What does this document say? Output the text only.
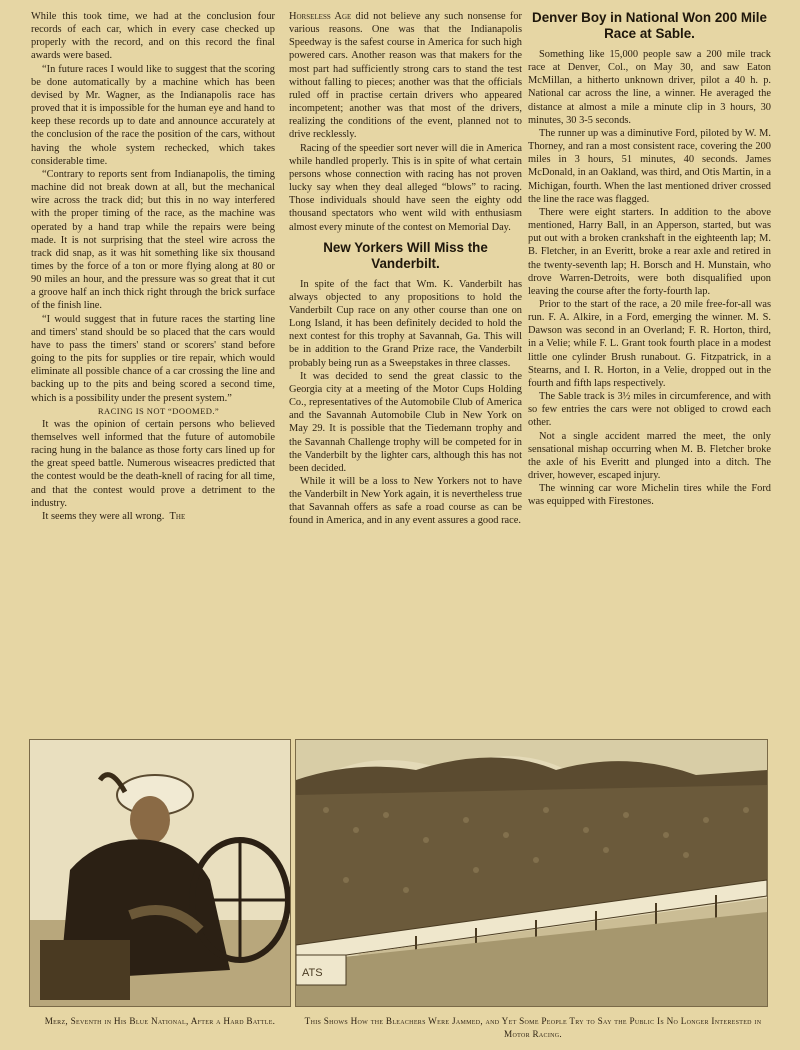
While this took time, we had at the conclusion four records of each car, which in every case checked up properly with the record, and on this record the final awards were based.

“In future races I would like to suggest that the scoring be done automatically by a machine which has been devised by Mr. Wagner, as the Indianapolis race has proved that it is impossible for the human eye and hand to keep these records up to date and announce accurately at the conclusion of the race the position of the cars, without having the whole system rechecked, which takes considerable time.

“Contrary to reports sent from Indianapolis, the timing machine did not break down at all, but the mechanical wire across the track did; but this in no way interfered with the proper timing of the race, as the machine was operated by a hand trap while the repairs were being made. It is not surprising that the steel wire across the track did snap, as it was hit something like six thousand times by the force of a ton or more flying along at 80 or 90 miles an hour, and the pressure was so great that it cut a groove half an inch thick right through the brick surface of the finish line.

“I would suggest that in future races the starting line and timers' stand should be so placed that the cars would have to pass the timers' stand or scorers' stand before going to the pits for supplies or tire repair, which would eliminate all possible chance of a car crossing the line and backing up to the pits and being scored a second time, which is a possibility under the present system.”

RACING IS NOT “DOOMED.”

It was the opinion of certain persons who believed themselves well informed that the future of automobile racing hung in the balance as those forty cars lined up for the great speed battle. Numerous wiseacres predicted that the contest would be the death-knell of racing for all time, and that the contest would prove a detriment to the industry.

It seems they were all wrong. The

Horseless Age did not believe any such nonsense for various reasons. One was that the Indianapolis Speedway is the safest course in America for such high powered cars. Another reason was that makers for the most part had sufficiently strong cars to stand the test without falling to pieces; another was that the officials ruled off in practise certain drivers who appeared incompetent; another was that most of the drivers, realizing the conditions of the event, planned not to drive recklessly.

Racing of the speedier sort never will die in America while handled properly. This is in spite of what certain persons whose connection with racing has not proven lucky say when they deal alleged “blows” to racing. Those individuals should have seen the eighty odd thousand spectators who went wild with enthusiasm almost every minute of the contest on Memorial Day.

New Yorkers Will Miss the Vanderbilt.

In spite of the fact that Wm. K. Vanderbilt has always objected to any propositions to hold the Vanderbilt Cup race on any other course than one on Long Island, it has been definitely decided to hold the next contest for this trophy at Savannah, Ga. This will be in addition to the Grand Prize race, the Vanderbilt probably being run as a Sweepstakes in three classes.

It was decided to send the great classic to the Georgia city at a meeting of the Motor Cups Holding Co., representatives of the Automobile Club of America and the Savannah Automobile Club in New York on May 29. It is possible that the Tiedemann trophy and the Savannah Challenge trophy will be competed for in the Vanderbilt by the lighter cars, although this has not been decided.

While it will be a loss to New Yorkers not to have the Vanderbilt in New York again, it is nevertheless true that Savannah offers as safe a road course as can be found in America, and in any event assures a good race.

Denver Boy in National Won 200 Mile Race at Sable.

Something like 15,000 people saw a 200 mile track race at Denver, Col., on May 30, and saw Eaton McMillan, a hitherto unknown driver, pilot a 40 h. p. National car across the line, a winner. He averaged the distance at almost a mile a minute clip in 3 hours, 30 minutes, 30 3-5 seconds.

The runner up was a diminutive Ford, piloted by W. M. Thorney, and ran a most consistent race, covering the 200 miles in 3 hours, 51 minutes, 40 seconds. James McDonald, in an Oakland, was third, and Otis Martin, in a Michigan, fourth. When the last mentioned driver crossed the line the race was flagged.

There were eight starters. In addition to the above mentioned, Harry Ball, in an Apperson, started, but was put out with a broken crankshaft in the eighteenth lap; M. B. Fletcher, in an Everitt, broke a rear axle and retired in the twenty-seventh lap; H. Borsch and H. Munstain, who drove Warren-Detroits, were both disqualified upon leaving the course after the forty-fourth lap.

Prior to the start of the race, a 20 mile free-for-all was run. F. A. Alkire, in a Ford, emerging the winner. M. S. Dawson was second in an Overland; F. R. Horton, third, in a Velie; while F. L. Grant took fourth place in a modest little one cylinder Brush runabout. G. Fitzpatrick, in a Stearns, and I. R. Horton, in a Velie, dropped out in the fourth and fifth laps respectively.

The Sable track is 3½ miles in circumference, and with so few entries the cars were not obliged to crowd each other.

Not a single accident marred the meet, the only sensational mishap occurring when M. B. Fletcher broke the axle of his Everitt and plunged into a ditch. The driver, however, escaped injury.

The winning car wore Michelin tires while the Ford was equipped with Firestones.

ATS
Merz, Seventh in His Blue National, After a Hard Battle.	This Shows How the Bleachers Were Jammed, and Yet Some People Try to Say the Public Is No Longer Interested in Motor Racing.
